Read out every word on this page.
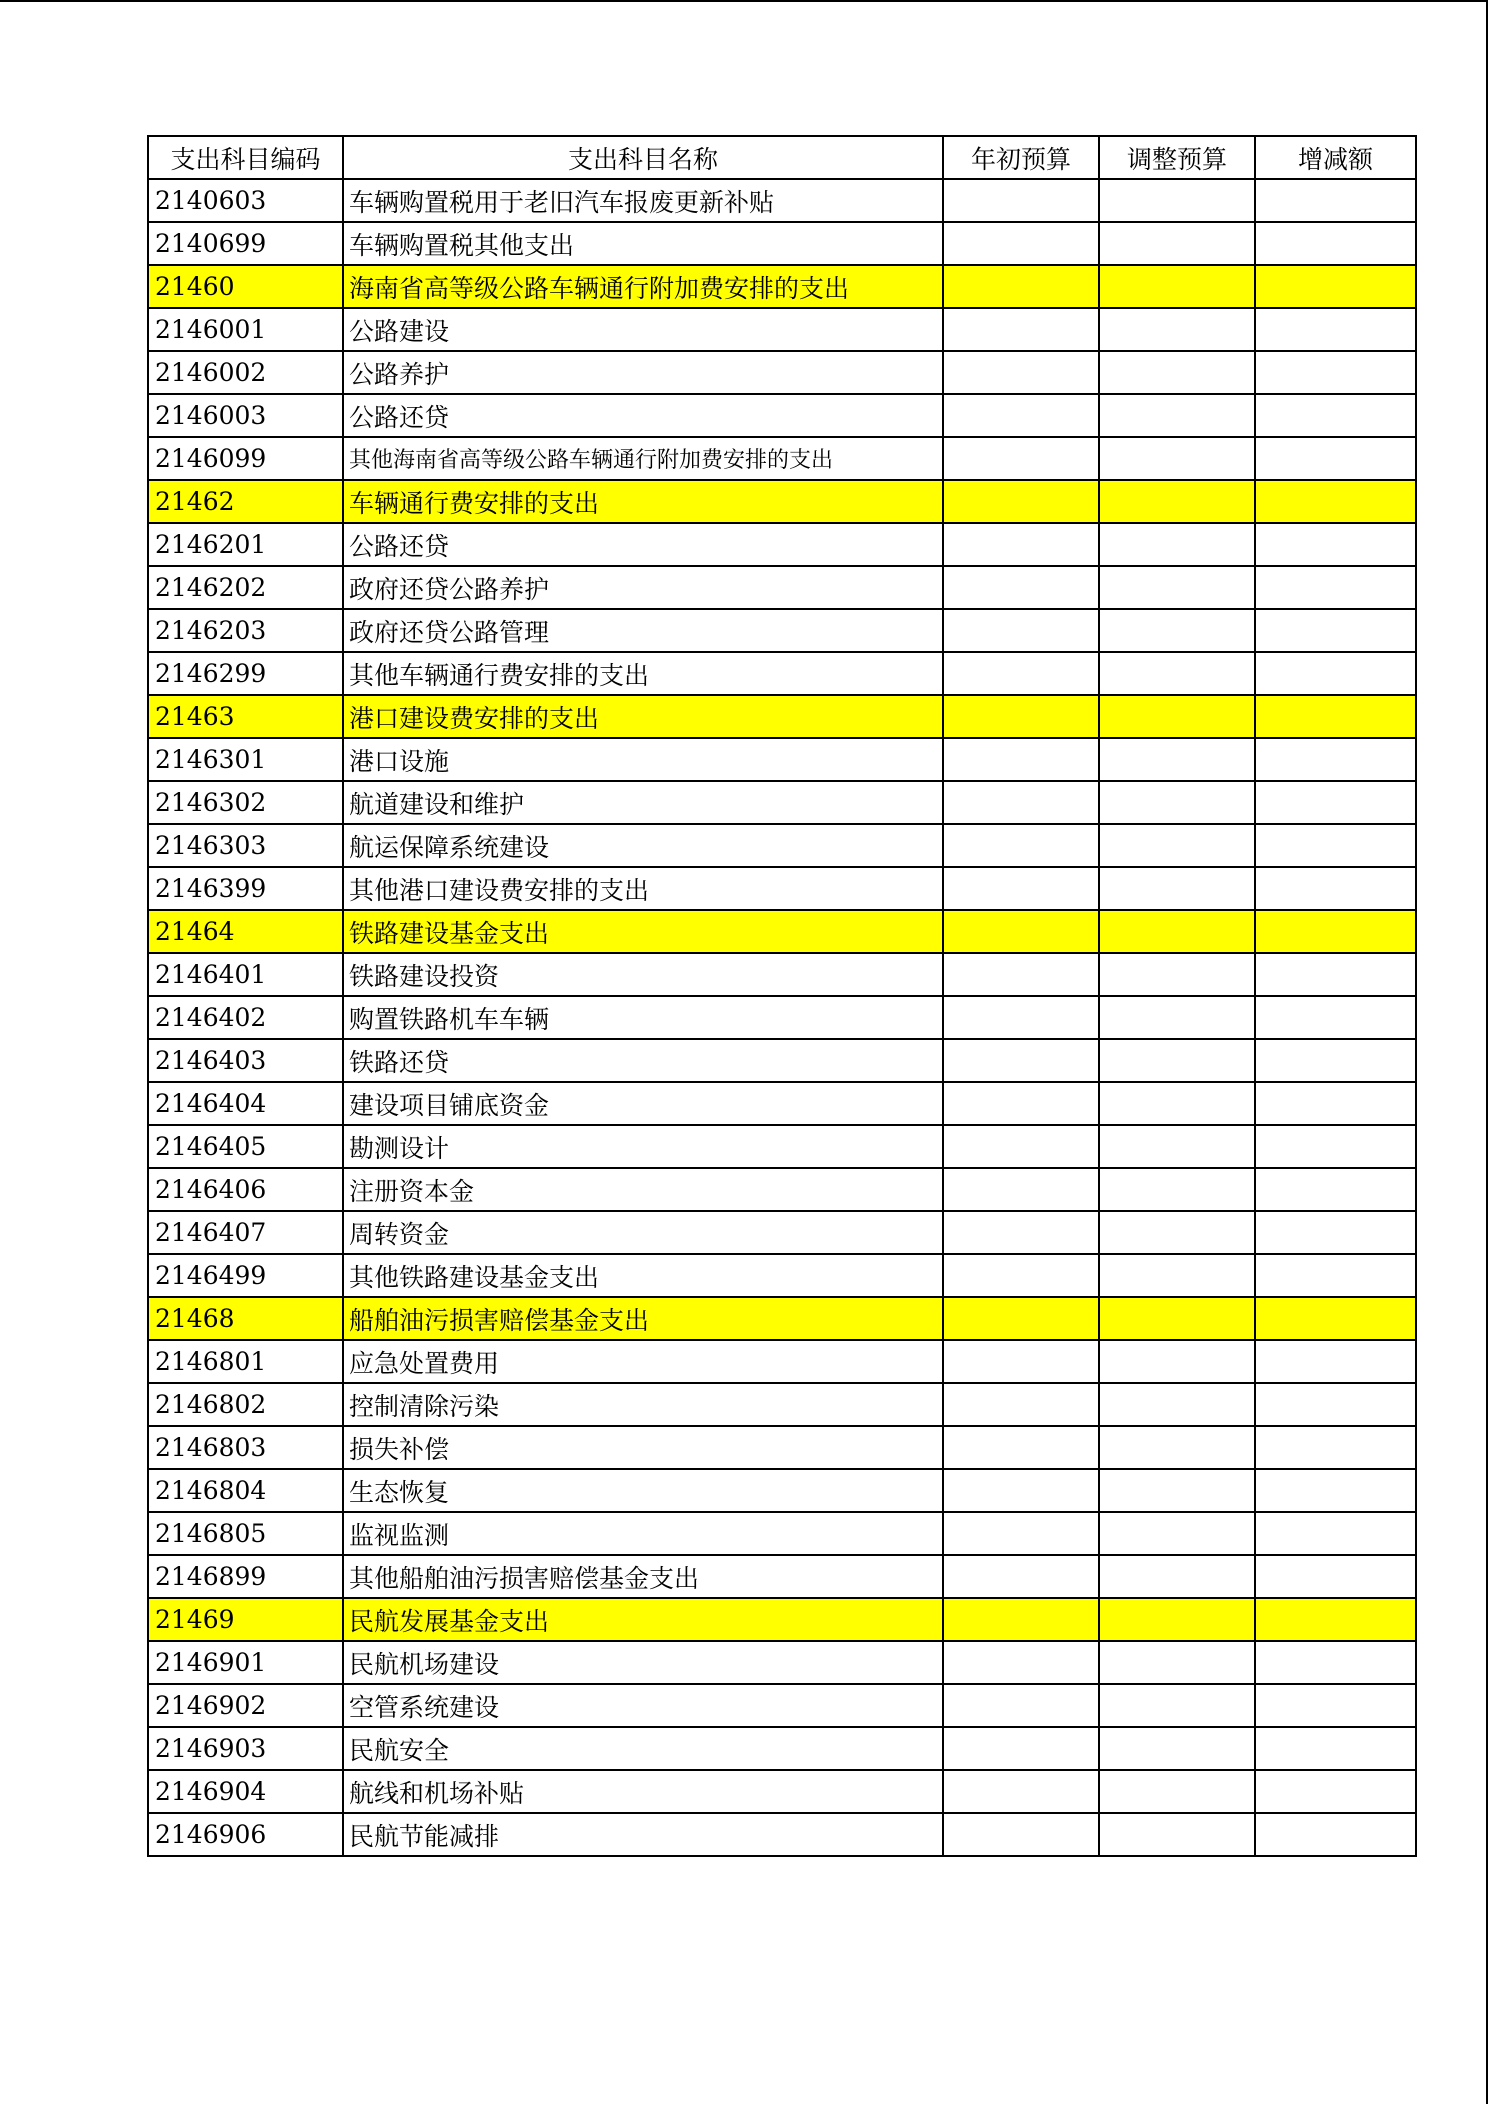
支出科目编码	支出科目名称	年初预算	调整预算	增减额
2140603	车辆购置税用于老旧汽车报废更新补贴			
2140699	车辆购置税其他支出			
21460	海南省高等级公路车辆通行附加费安排的支出			
2146001	公路建设			
2146002	公路养护			
2146003	公路还贷			
2146099	其他海南省高等级公路车辆通行附加费安排的支出			
21462	车辆通行费安排的支出			
2146201	公路还贷			
2146202	政府还贷公路养护			
2146203	政府还贷公路管理			
2146299	其他车辆通行费安排的支出			
21463	港口建设费安排的支出			
2146301	港口设施			
2146302	航道建设和维护			
2146303	航运保障系统建设			
2146399	其他港口建设费安排的支出			
21464	铁路建设基金支出			
2146401	铁路建设投资			
2146402	购置铁路机车车辆			
2146403	铁路还贷			
2146404	建设项目铺底资金			
2146405	勘测设计			
2146406	注册资本金			
2146407	周转资金			
2146499	其他铁路建设基金支出			
21468	船舶油污损害赔偿基金支出			
2146801	应急处置费用			
2146802	控制清除污染			
2146803	损失补偿			
2146804	生态恢复			
2146805	监视监测			
2146899	其他船舶油污损害赔偿基金支出			
21469	民航发展基金支出			
2146901	民航机场建设			
2146902	空管系统建设			
2146903	民航安全			
2146904	航线和机场补贴			
2146906	民航节能减排			
